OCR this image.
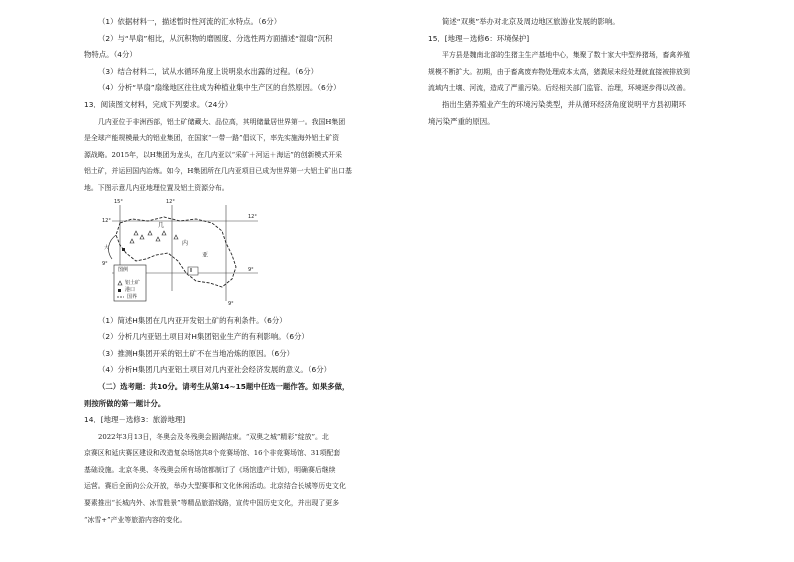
（1）依据材料一，描述暂时性河流的汇水特点。（6分）

（2）与“旱扇”相比，从沉积物的磨圆度、分选性两方面描述“湿扇”沉积

物特点。（4分）

（3）结合材料二，试从水循环角度上说明泉水出露的过程。（6分）

（4）分析“旱扇”扇缘地区往往成为种植业集中生产区的自然原因。（6分）

13．阅读图文材料，完成下列要求。（24分）

几内亚位于非洲西部，铝土矿储藏大、品位高，其明储量居世界第一。我国H集团

是全球产能规模最大的铝业集团，在国家“一带一路”倡议下，率先实施海外铝土矿资

源战略。2015年，以H集团为龙头，在几内亚以“采矿＋河运＋海运”的创新模式开采

铝土矿，并运回国内冶炼。如今，H集团所在几内亚项目已成为世界第一大铝土矿出口基

地。下图示意几内亚地理位置及铝土资源分布。

15°	12°
9°
12°
12°
9°
9°
几
内
亚
大
Ⅱ
图例
铝土矿
港口
国界

（1）简述H集团在几内亚开发铝土矿的有利条件。（6分）

（2）分析几内亚铝土项目对H集团铝业生产的有利影响。（6分）

（3）推测H集团开采的铝土矿不在当地冶炼的原因。（6分）

（4）分析H集团几内亚铝土项目对几内亚社会经济发展的意义。（6分）

（二）选考题：共10分。请考生从第14~15题中任选一题作答。如果多做，

则按所做的第一题计分。

14．[地理－选修3：旅游地理]

2022年3月13日，冬奥会及冬残奥会圆满结束。“双奥之城”精彩“绽放”。北

京赛区和延庆赛区建设和改造复杂场馆共8个竞赛场馆、16个非竞赛场馆、31项配套

基础设施。北京冬奥、冬残奥会所有场馆都制订了《场馆遗产计划》，明确赛后继续

运营。赛后全面向公众开放，举办大型赛事和文化休闲活动。北京结合长城等历史文化

要素推出“长城内外、冰雪胜景”等精品旅游线路，宣传中国历史文化，并出现了更多

“冰雪+”产业等旅游内容的变化。

简述“双奥”举办对北京及周边地区旅游业发展的影响。

15．[地理－选修6：环境保护]

平方县是魏南北部的生猪主生产基地中心，集聚了数十家大中型养猪场，畜禽养殖

规模不断扩大。初期，由于畜禽废弃物处理成本太高，猪粪尿未经处理就直接被排放到

流域内土壤、河流，造成了严重污染。后经相关部门监管、治理，环境逐步得以改善。

指出生猪养殖业产生的环境污染类型，并从循环经济角度说明平方县初期环

境污染严重的原因。
